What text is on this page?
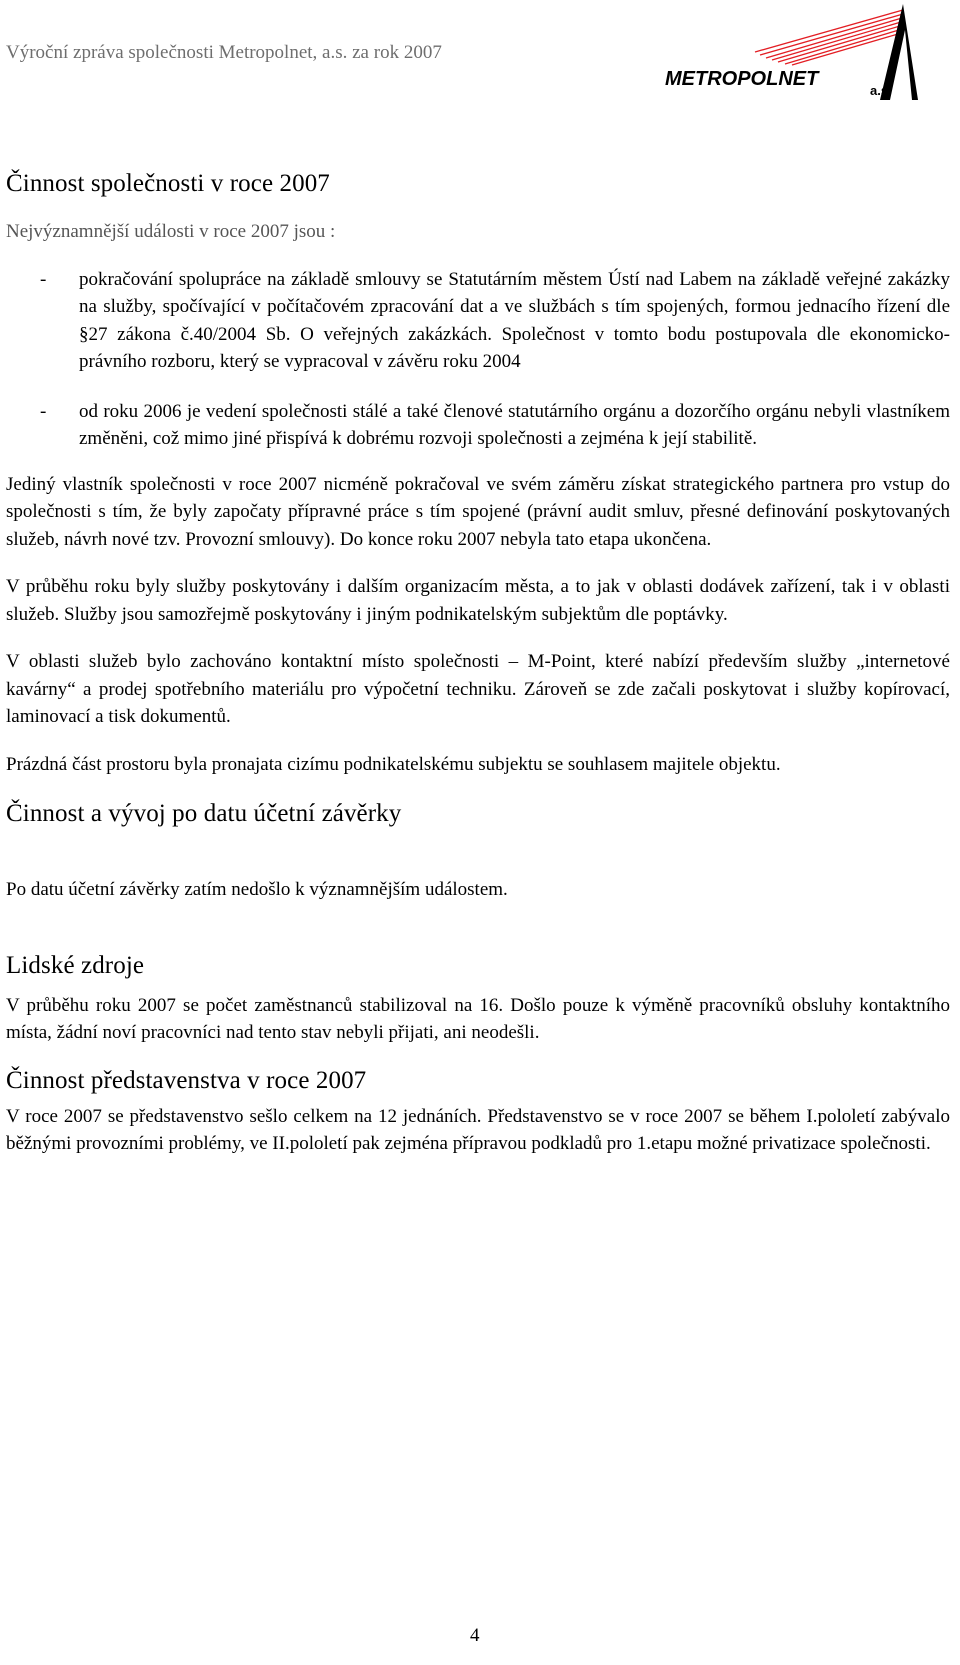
Výroční zpráva společnosti Metropolnet, a.s. za rok 2007
METROPOLNET
a.s.
Činnost společnosti v roce 2007

Nejvýznamnější události v roce 2007 jsou :

- pokračování spolupráce na základě smlouvy se Statutárním městem Ústí nad Labem na základě veřejné zakázky na služby, spočívající v počítačovém zpracování dat a ve službách s tím spojených, formou jednacího řízení dle §27 zákona č.40/2004 Sb. O veřejných zakázkách. Společnost v tomto bodu postupovala dle ekonomicko-právního rozboru, který se vypracoval v závěru roku 2004
- od roku 2006 je vedení společnosti stálé a také členové statutárního orgánu a dozorčího orgánu nebyli vlastníkem změněni, což mimo jiné přispívá k dobrému rozvoji společnosti a zejména k její stabilitě.

Jediný vlastník společnosti v roce 2007 nicméně pokračoval ve svém záměru získat strategického partnera pro vstup do společnosti s tím, že byly započaty přípravné práce s tím spojené (právní audit smluv, přesné definování poskytovaných služeb, návrh nové tzv. Provozní smlouvy). Do konce roku 2007 nebyla tato etapa ukončena.

V průběhu roku byly služby poskytovány i dalším organizacím města, a to jak v oblasti dodávek zařízení, tak i v oblasti služeb. Služby jsou samozřejmě poskytovány i jiným podnikatelským subjektům dle poptávky.

V oblasti služeb bylo zachováno kontaktní místo společnosti – M-Point, které nabízí především služby „internetové kavárny“ a prodej spotřebního materiálu pro výpočetní techniku. Zároveň se zde začali poskytovat i služby kopírovací, laminovací a tisk dokumentů.

Prázdná část prostoru byla pronajata cizímu podnikatelskému subjektu se souhlasem majitele objektu.

Činnost a vývoj po datu účetní závěrky

Po datu účetní závěrky zatím nedošlo k významnějším událostem.

Lidské zdroje

V průběhu roku 2007 se počet zaměstnanců stabilizoval na 16. Došlo pouze k výměně pracovníků obsluhy kontaktního místa, žádní noví pracovníci nad tento stav nebyli přijati, ani neodešli.

Činnost představenstva v roce 2007

V roce 2007 se představenstvo sešlo celkem na 12 jednáních. Představenstvo se v roce 2007 se během I.pololetí zabývalo běžnými provozními problémy, ve II.pololetí pak zejména přípravou podkladů pro 1.etapu možné privatizace společnosti.

4
